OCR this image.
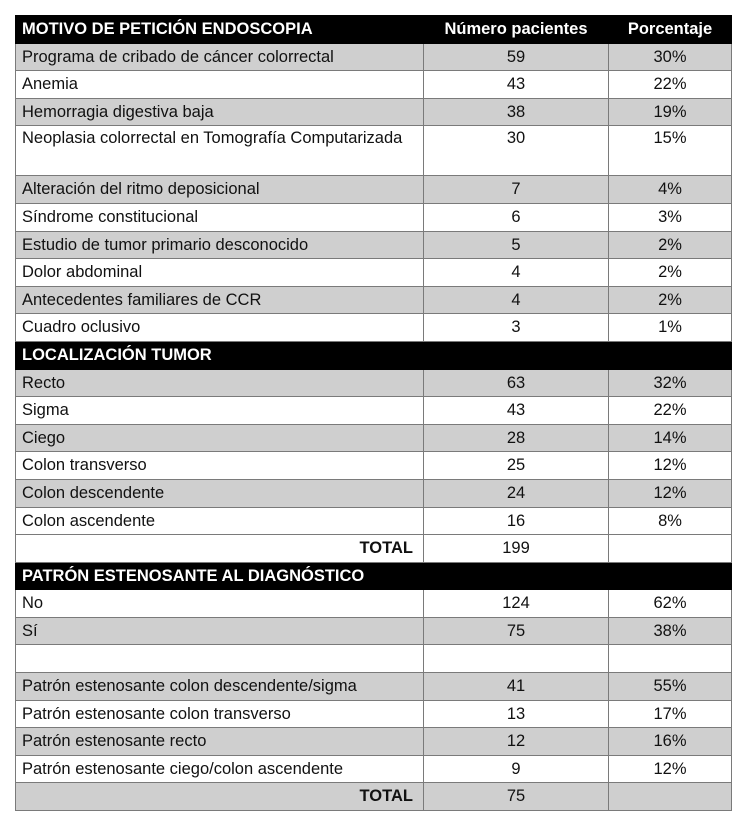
MOTIVO DE PETICIÓN ENDOSCOPIA	Número pacientes	Porcentaje
Programa de cribado de cáncer colorrectal	59	30%
Anemia	43	22%
Hemorragia digestiva baja	38	19%
Neoplasia colorrectal en Tomografía Computarizada	30	15%
Alteración del ritmo deposicional	7	4%
Síndrome constitucional	6	3%
Estudio de tumor primario desconocido	5	2%
Dolor abdominal	4	2%
Antecedentes familiares de CCR	4	2%
Cuadro oclusivo	3	1%
LOCALIZACIÓN TUMOR		
Recto	63	32%
Sigma	43	22%
Ciego	28	14%
Colon transverso	25	12%
Colon descendente	24	12%
Colon ascendente	16	8%
TOTAL	199	
PATRÓN ESTENOSANTE AL DIAGNÓSTICO		
No	124	62%
Sí	75	38%

Patrón estenosante colon descendente/sigma	41	55%
Patrón estenosante colon transverso	13	17%
Patrón estenosante recto	12	16%
Patrón estenosante ciego/colon ascendente	9	12%
TOTAL	75	
